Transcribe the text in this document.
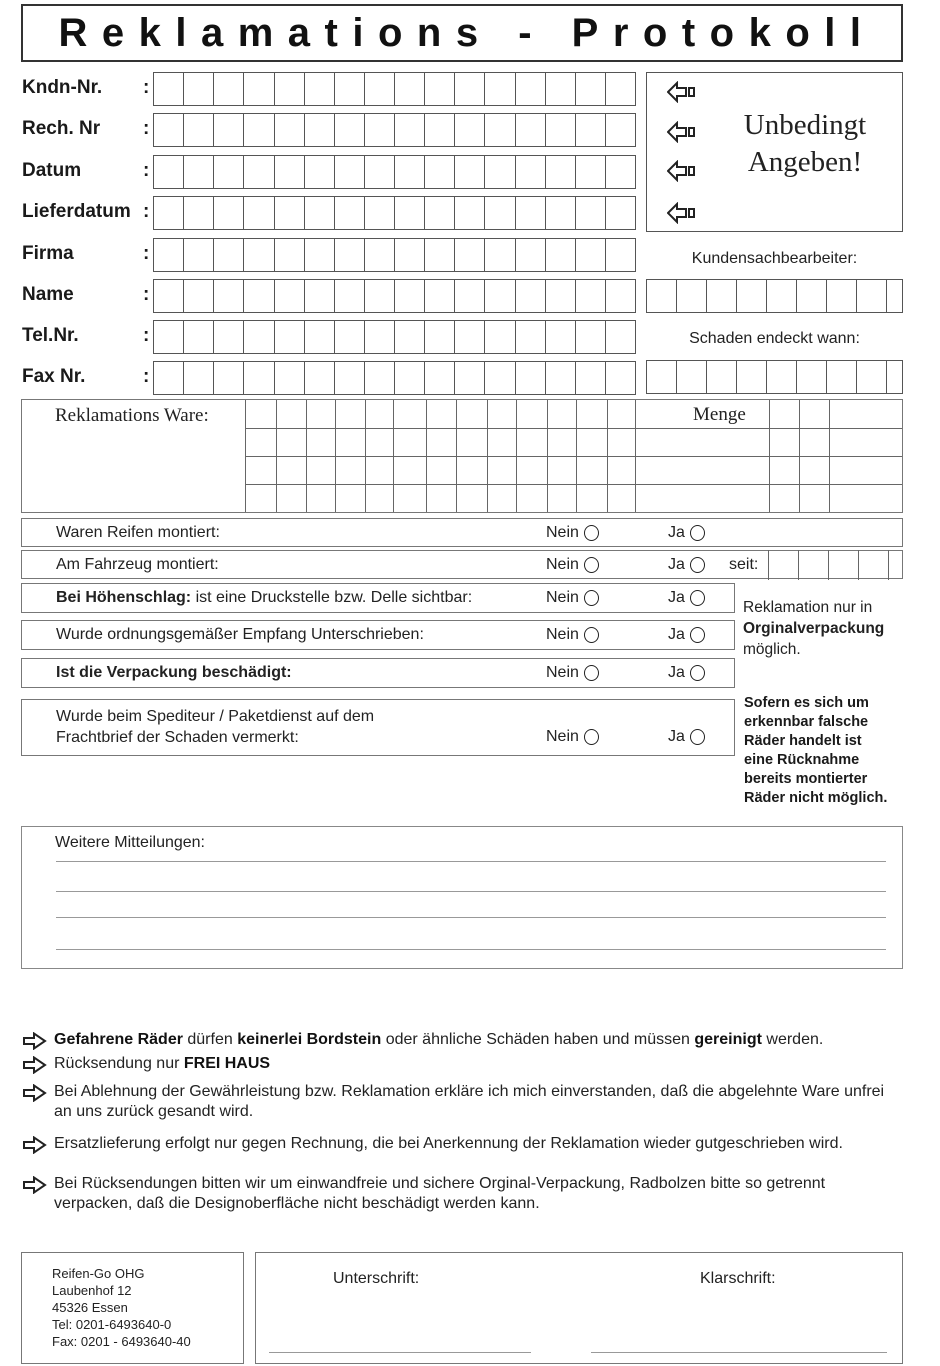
Reklamations - Protokoll
Kndn-Nr. :
Rech. Nr :
Datum	:
Lieferdatum :
Firma	:
Name	:
Tel.Nr.	:
Fax Nr.	:
Unbedingt
Angeben!
Kundensachbearbeiter:
Schaden endeckt wann:
Reklamations Ware:	Menge
Waren Reifen montiert:	Nein	Ja
Am Fahrzeug montiert:	Nein	Ja	seit:
Bei Höhenschlag: ist eine Druckstelle bzw. Delle sichtbar:	Nein	Ja
Wurde ordnungsgemäßer Empfang Unterschrieben:	Nein	Ja
Ist die Verpackung beschädigt:	Nein	Ja
Wurde beim Spediteur / Paketdienst auf dem
Frachtbrief der Schaden vermerkt:	Nein	Ja
Reklamation nur in
Orginalverpackung
möglich.
Sofern es sich um
erkennbar falsche
Räder handelt ist
eine Rücknahme
bereits montierter
Räder nicht möglich.
Weitere Mitteilungen:
Gefahrene Räder dürfen keinerlei Bordstein oder ähnliche Schäden haben und müssen gereinigt werden.
Rücksendung nur FREI HAUS
Bei Ablehnung der Gewährleistung bzw. Reklamation erkläre ich mich einverstanden, daß die abgelehnte Ware unfrei an uns zurück gesandt wird.
Ersatzlieferung erfolgt nur gegen Rechnung, die bei Anerkennung der Reklamation wieder gutgeschrieben wird.
Bei Rücksendungen bitten wir um einwandfreie und sichere Orginal-Verpackung, Radbolzen bitte so getrennt verpacken, daß die Designoberfläche nicht beschädigt werden kann.
Reifen-Go OHG
Laubenhof 12
45326 Essen
Tel: 0201-6493640-0
Fax: 0201 - 6493640-40
Unterschrift:	Klarschrift:
